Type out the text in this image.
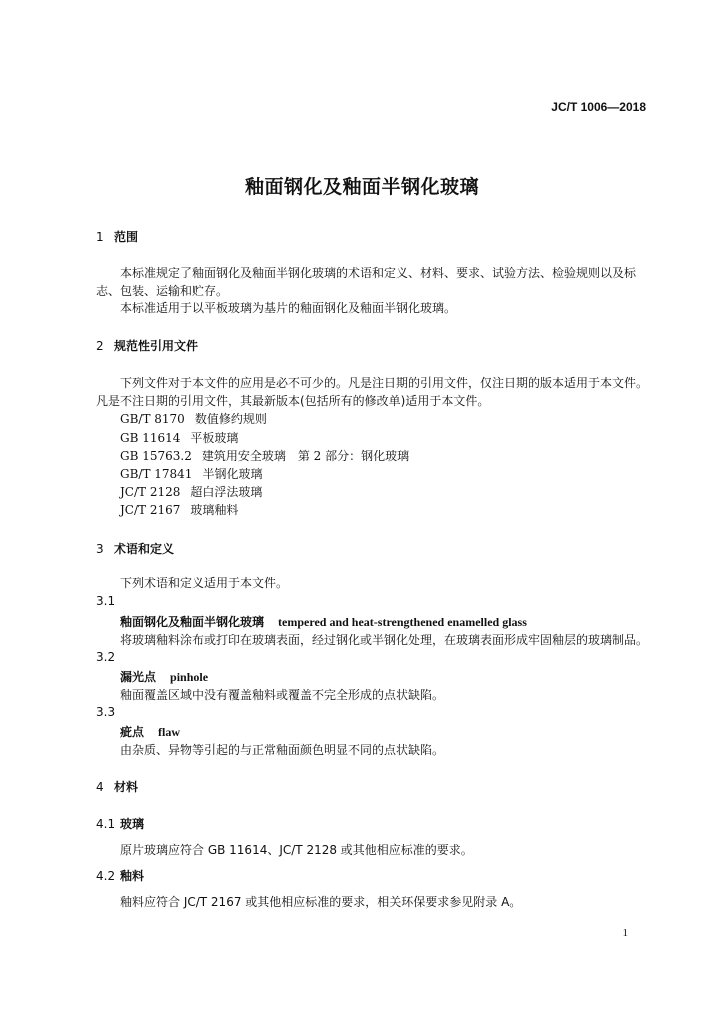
JC/T 1006—2018
釉面钢化及釉面半钢化玻璃
1 范围
本标准规定了釉面钢化及釉面半钢化玻璃的术语和定义、材料、要求、试验方法、检验规则以及标志、包装、运输和贮存。
本标准适用于以平板玻璃为基片的釉面钢化及釉面半钢化玻璃。
2 规范性引用文件
下列文件对于本文件的应用是必不可少的。凡是注日期的引用文件，仅注日期的版本适用于本文件。凡是不注日期的引用文件，其最新版本(包括所有的修改单)适用于本文件。
GB/T 8170 数值修约规则
GB 11614 平板玻璃
GB 15763.2 建筑用安全玻璃　第 2 部分：钢化玻璃
GB/T 17841 半钢化玻璃
JC/T 2128 超白浮法玻璃
JC/T 2167 玻璃釉料
3 术语和定义
下列术语和定义适用于本文件。
3.1
釉面钢化及釉面半钢化玻璃 tempered and heat-strengthened enamelled glass
将玻璃釉料涂布或打印在玻璃表面，经过钢化或半钢化处理，在玻璃表面形成牢固釉层的玻璃制品。
3.2
漏光点 pinhole
釉面覆盖区域中没有覆盖釉料或覆盖不完全形成的点状缺陷。
3.3
疵点 flaw
由杂质、异物等引起的与正常釉面颜色明显不同的点状缺陷。
4 材料
4.1 玻璃
原片玻璃应符合 GB 11614、JC/T 2128 或其他相应标准的要求。
4.2 釉料
釉料应符合 JC/T 2167 或其他相应标准的要求，相关环保要求参见附录 A。
1
